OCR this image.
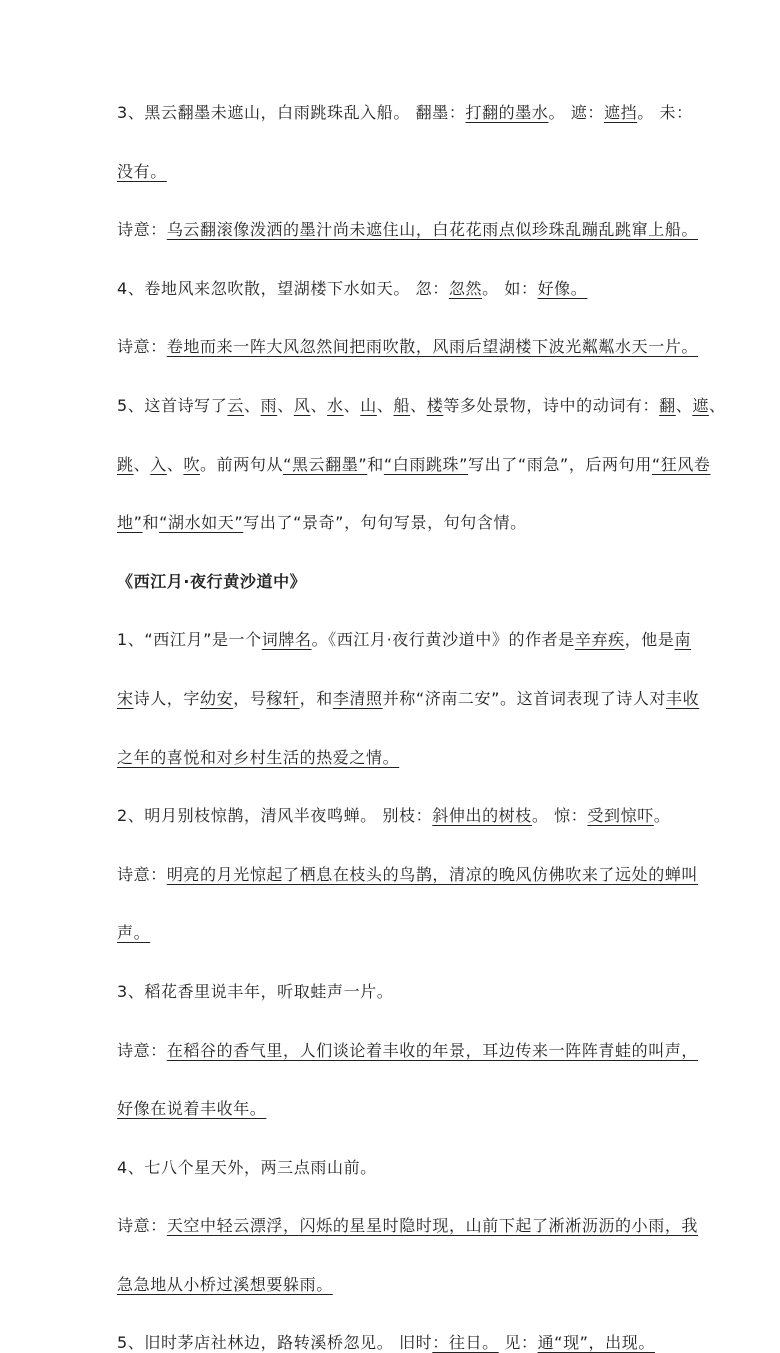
3、黑云翻墨未遮山，白雨跳珠乱入船。 翻墨：打翻的墨水。 遮：遮挡。 未：
没有。
诗意：乌云翻滚像泼洒的墨汁尚未遮住山，白花花雨点似珍珠乱蹦乱跳窜上船。
4、卷地风来忽吹散，望湖楼下水如天。 忽：忽然。 如：好像。
诗意：卷地而来一阵大风忽然间把雨吹散，风雨后望湖楼下波光粼粼水天一片。
5、这首诗写了云、雨、风、水、山、船、楼等多处景物，诗中的动词有：翻、遮、
跳、入、吹。前两句从“黑云翻墨”和“白雨跳珠”写出了“雨急”，后两句用“狂风卷
地”和“湖水如天”写出了“景奇”，句句写景，句句含情。
《西江月·夜行黄沙道中》
1、“西江月”是一个词牌名。《西江月·夜行黄沙道中》的作者是辛弃疾，他是南
宋诗人，字幼安，号稼轩，和李清照并称“济南二安”。这首词表现了诗人对丰收
之年的喜悦和对乡村生活的热爱之情。
2、明月别枝惊鹊，清风半夜鸣蝉。 别枝：斜伸出的树枝。 惊：受到惊吓。
诗意：明亮的月光惊起了栖息在枝头的鸟鹊，清凉的晚风仿佛吹来了远处的蝉叫
声。
3、稻花香里说丰年，听取蛙声一片。
诗意：在稻谷的香气里，人们谈论着丰收的年景，耳边传来一阵阵青蛙的叫声，
好像在说着丰收年。
4、七八个星天外，两三点雨山前。
诗意：天空中轻云漂浮，闪烁的星星时隐时现，山前下起了淅淅沥沥的小雨，我
急急地从小桥过溪想要躲雨。
5、旧时茅店社林边，路转溪桥忽见。 旧时：往日。 见：通“现”，出现。
